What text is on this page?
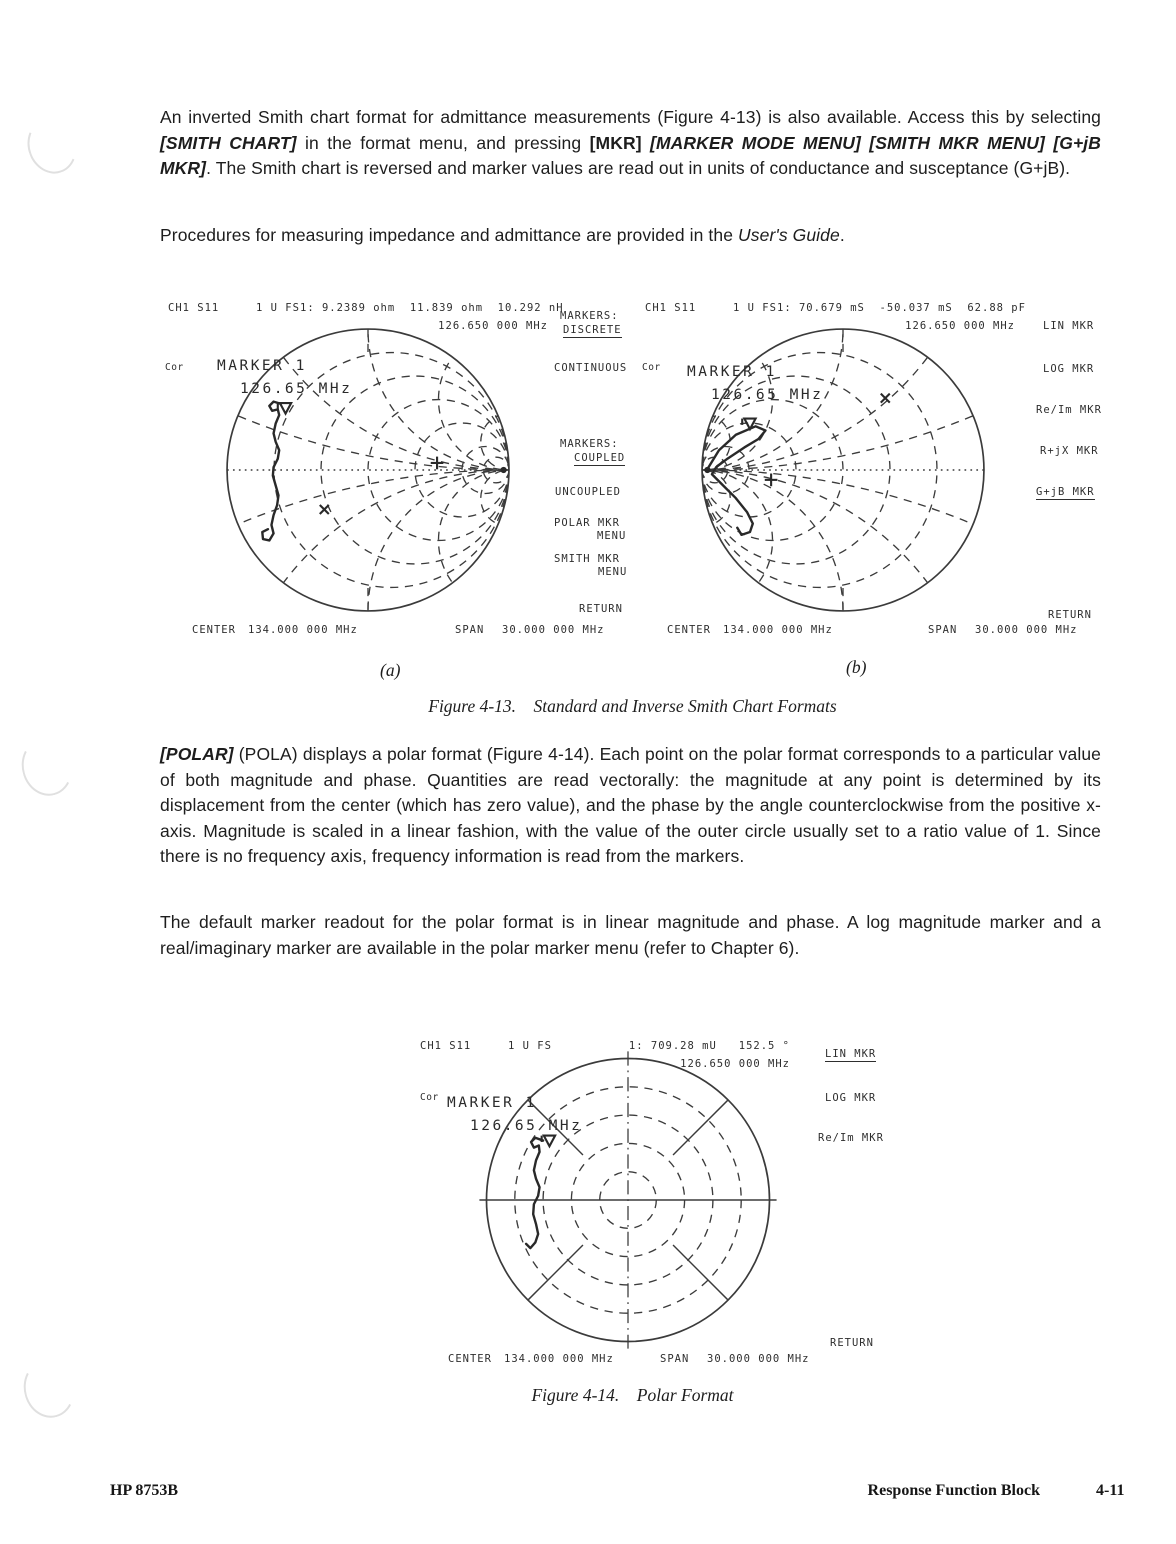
An inverted Smith chart format for admittance measurements (Figure 4-13) is also available. Access this by selecting [SMITH CHART] in the format menu, and pressing [MKR] [MARKER MODE MENU] [SMITH MKR MENU] [G+jB MKR]. The Smith chart is reversed and marker values are read out in units of conductance and susceptance (G+jB).

Procedures for measuring impedance and admittance are provided in the User's Guide.

CH1 S11	1 U FS 1: 9.2389 ohm  11.839 ohm  10.292 nH
126.650 000 MHz
Cor MARKER 1
126.65 MHz
CENTER 134.000 000 MHz	SPAN 30.000 000 MHz
MARKERS:
DISCRETE
CONTINUOUS
MARKERS:
COUPLED
UNCOUPLED
POLAR MKR
MENU
SMITH MKR
MENU
RETURN
CH1 S11	1 U FS 1: 70.679 mS  -50.037 mS  62.88 pF
126.650 000 MHz
Cor MARKER 1
126.65 MHz
CENTER 134.000 000 MHz	SPAN 30.000 000 MHz
LIN MKR
LOG MKR
Re/Im MKR
R+jX MKR
G+jB MKR
RETURN
(a)	(b)
Figure 4-13.    Standard and Inverse Smith Chart Formats

[POLAR] (POLA) displays a polar format (Figure 4-14). Each point on the polar format corresponds to a particular value of both magnitude and phase. Quantities are read vectorally: the magnitude at any point is determined by its displacement from the center (which has zero value), and the phase by the angle counterclockwise from the positive x-axis. Magnitude is scaled in a linear fashion, with the value of the outer circle usually set to a ratio value of 1. Since there is no frequency axis, frequency information is read from the markers.

The default marker readout for the polar format is in linear magnitude and phase. A log magnitude marker and a real/imaginary marker are available in the polar marker menu (refer to Chapter 6).

CH1 S11	1 U FS	1: 709.28 mU   152.5 °
126.650 000 MHz
Cor MARKER 1
126.65 MHz
CENTER 134.000 000 MHz	SPAN 30.000 000 MHz
LIN MKR
LOG MKR
Re/Im MKR
RETURN
Figure 4-14.    Polar Format
HP 8753B	Response Function Block	4-11
